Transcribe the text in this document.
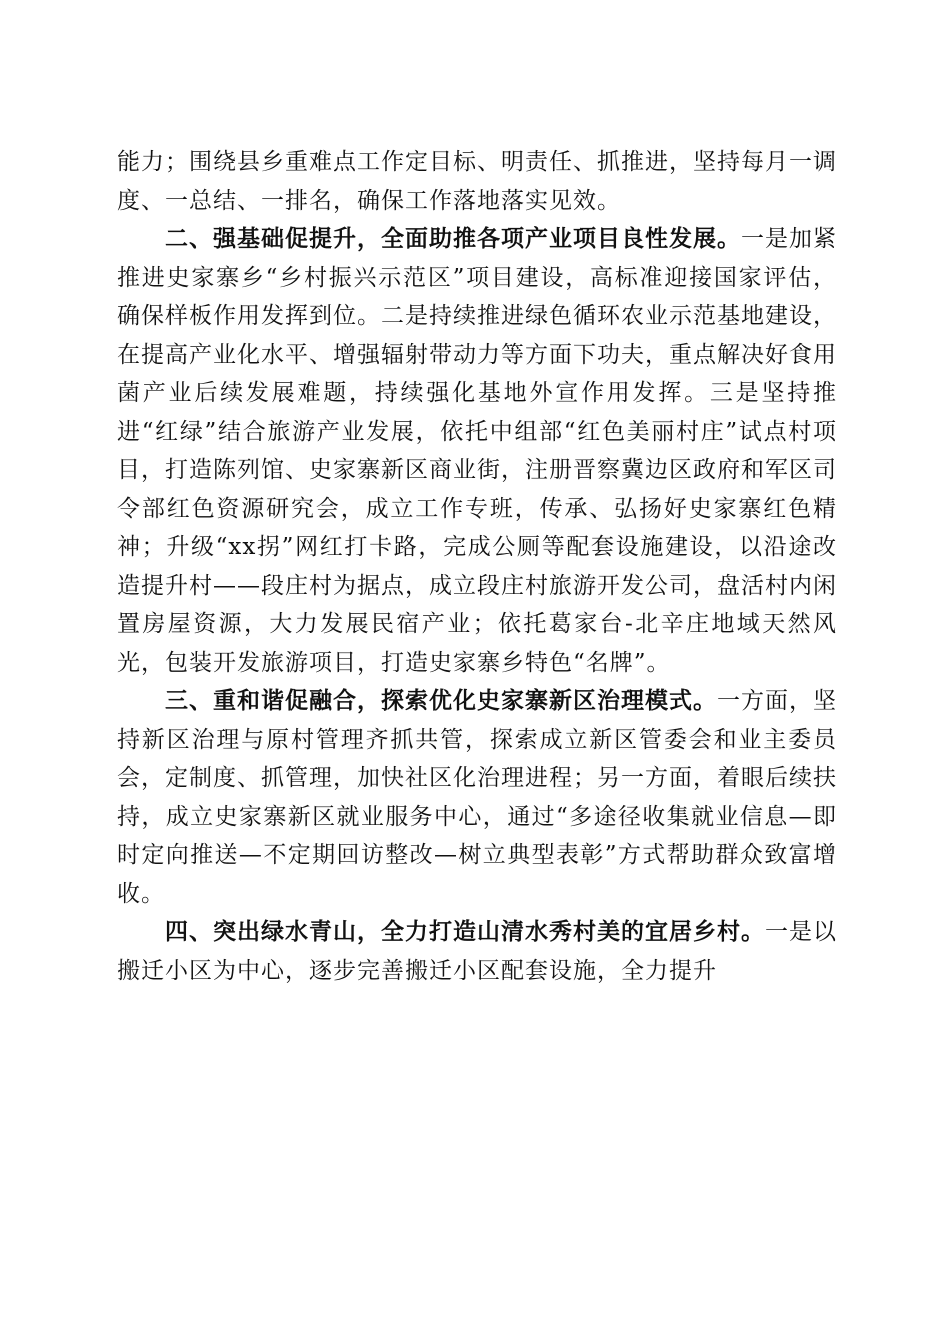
能力；围绕县乡重难点工作定目标、明责任、抓推进，坚持每月一调度、一总结、一排名，确保工作落地落实见效。

二、强基础促提升，全面助推各项产业项目良性发展。一是加紧推进史家寨乡“乡村振兴示范区”项目建设，高标准迎接国家评估，确保样板作用发挥到位。二是持续推进绿色循环农业示范基地建设，在提高产业化水平、增强辐射带动力等方面下功夫，重点解决好食用菌产业后续发展难题，持续强化基地外宣作用发挥。三是坚持推进“红绿”结合旅游产业发展，依托中组部“红色美丽村庄”试点村项目，打造陈列馆、史家寨新区商业街，注册晋察冀边区政府和军区司令部红色资源研究会，成立工作专班，传承、弘扬好史家寨红色精神；升级“xx拐”网红打卡路，完成公厕等配套设施建设，以沿途改造提升村——段庄村为据点，成立段庄村旅游开发公司，盘活村内闲置房屋资源，大力发展民宿产业；依托葛家台-北辛庄地域天然风光，包装开发旅游项目，打造史家寨乡特色“名牌”。

三、重和谐促融合，探索优化史家寨新区治理模式。一方面，坚持新区治理与原村管理齐抓共管，探索成立新区管委会和业主委员会，定制度、抓管理，加快社区化治理进程；另一方面，着眼后续扶持，成立史家寨新区就业服务中心，通过“多途径收集就业信息—即时定向推送—不定期回访整改—树立典型表彰”方式帮助群众致富增收。

四、突出绿水青山，全力打造山清水秀村美的宜居乡村。一是以搬迁小区为中心，逐步完善搬迁小区配套设施，全力提升
